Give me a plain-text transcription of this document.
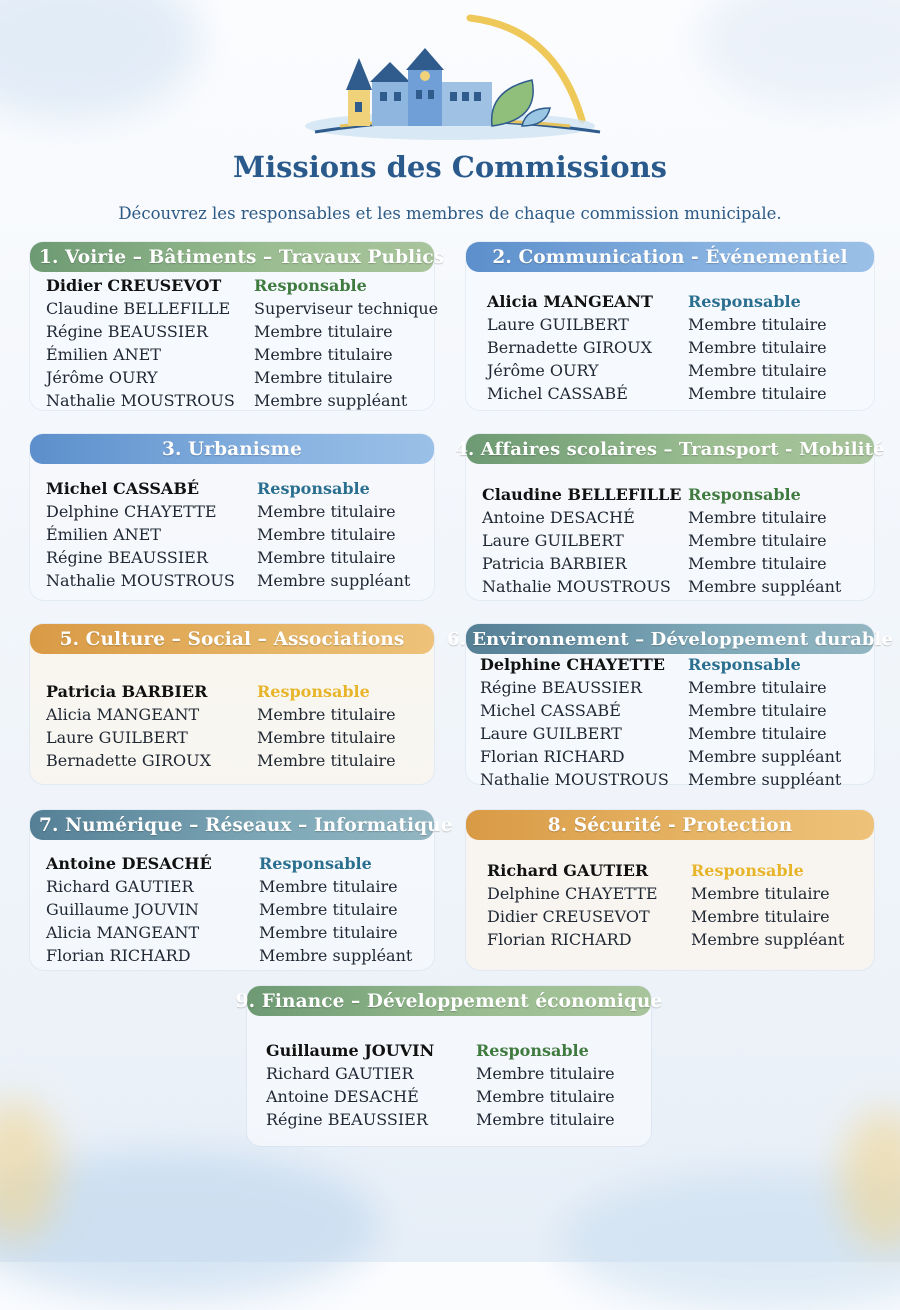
Missions des Commissions

Découvrez les responsables et les membres de chaque commission municipale.

1. Voirie – Bâtiments – Travaux Publics
Didier CREUSEVOT	Responsable
Claudine BELLEFILLE	Superviseur technique
Régine BEAUSSIER	Membre titulaire
Émilien ANET	Membre titulaire
Jérôme OURY	Membre titulaire
Nathalie MOUSTROUS	Membre suppléant
2. Communication - Événementiel
Alicia MANGEANT	Responsable
Laure GUILBERT	Membre titulaire
Bernadette GIROUX	Membre titulaire
Jérôme OURY	Membre titulaire
Michel CASSABÉ	Membre titulaire
3. Urbanisme
Michel CASSABÉ	Responsable
Delphine CHAYETTE	Membre titulaire
Émilien ANET	Membre titulaire
Régine BEAUSSIER	Membre titulaire
Nathalie MOUSTROUS	Membre suppléant
4. Affaires scolaires – Transport - Mobilité
Claudine BELLEFILLE Responsable
Antoine DESACHÉ	Membre titulaire
Laure GUILBERT	Membre titulaire
Patricia BARBIER	Membre titulaire
Nathalie MOUSTROUS	Membre suppléant
5. Culture – Social – Associations
Patricia BARBIER	Responsable
Alicia MANGEANT	Membre titulaire
Laure GUILBERT	Membre titulaire
Bernadette GIROUX	Membre titulaire
6. Environnement – Développement durable
Delphine CHAYETTE	Responsable
Régine BEAUSSIER	Membre titulaire
Michel CASSABÉ	Membre titulaire
Laure GUILBERT	Membre titulaire
Florian RICHARD	Membre suppléant
Nathalie MOUSTROUS	Membre suppléant
7. Numérique – Réseaux – Informatique
Antoine DESACHÉ	Responsable
Richard GAUTIER	Membre titulaire
Guillaume JOUVIN	Membre titulaire
Alicia MANGEANT	Membre titulaire
Florian RICHARD	Membre suppléant
8. Sécurité - Protection
Richard GAUTIER	Responsable
Delphine CHAYETTE	Membre titulaire
Didier CREUSEVOT	Membre titulaire
Florian RICHARD	Membre suppléant
9. Finance – Développement économique
Guillaume JOUVIN	Responsable
Richard GAUTIER	Membre titulaire
Antoine DESACHÉ	Membre titulaire
Régine BEAUSSIER	Membre titulaire
